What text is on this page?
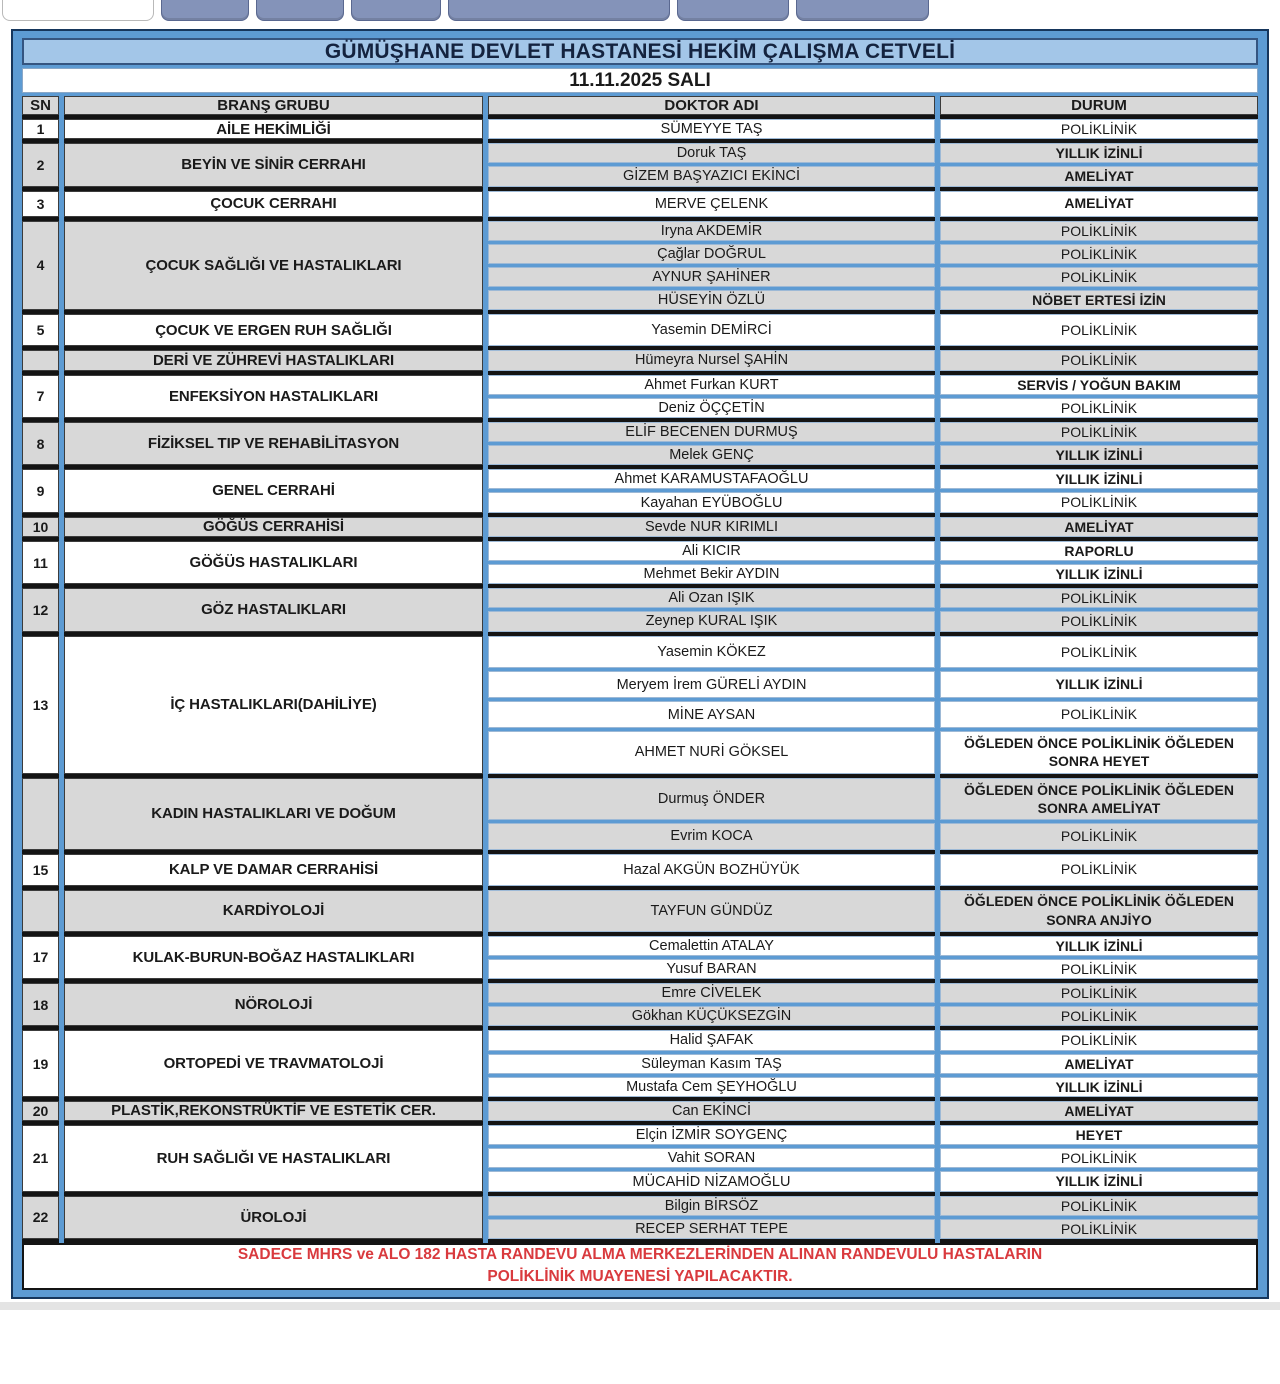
GÜMÜŞHANE DEVLET HASTANESİ HEKİM ÇALIŞMA CETVELİ			
11.11.2025 SALI			
SN	BRANŞ GRUBU	DOKTOR ADI	DURUM
1	AİLE HEKİMLİĞİ	SÜMEYYE TAŞ	POLİKLİNİK
2	BEYİN VE SİNİR CERRAHI	Doruk TAŞ	YILLIK İZİNLİ
		GİZEM BAŞYAZICI EKİNCİ	AMELİYAT
3	ÇOCUK CERRAHI	MERVE ÇELENK	AMELİYAT
4	ÇOCUK SAĞLIĞI VE HASTALIKLARI	Iryna AKDEMİR	POLİKLİNİK
		Çağlar DOĞRUL	POLİKLİNİK
		AYNUR ŞAHİNER	POLİKLİNİK
		HÜSEYİN ÖZLÜ	NÖBET ERTESİ İZİN
5	ÇOCUK VE ERGEN RUH SAĞLIĞI	Yasemin DEMİRCİ	POLİKLİNİK
	DERİ VE ZÜHREVİ HASTALIKLARI	Hümeyra Nursel ŞAHİN	POLİKLİNİK
7	ENFEKSİYON HASTALIKLARI	Ahmet Furkan KURT	SERVİS / YOĞUN BAKIM
		Deniz ÖÇÇETİN	POLİKLİNİK
8	FİZİKSEL TIP VE REHABİLİTASYON	ELİF BECENEN DURMUŞ	POLİKLİNİK
		Melek GENÇ	YILLIK İZİNLİ
9	GENEL CERRAHİ	Ahmet KARAMUSTAFAOĞLU	YILLIK İZİNLİ
		Kayahan EYÜBOĞLU	POLİKLİNİK
10	GÖĞÜS CERRAHİSİ	Sevde NUR KIRIMLI	AMELİYAT
11	GÖĞÜS HASTALIKLARI	Ali KICIR	RAPORLU
		Mehmet Bekir AYDIN	YILLIK İZİNLİ
12	GÖZ HASTALIKLARI	Ali Ozan IŞIK	POLİKLİNİK
		Zeynep KURAL IŞIK	POLİKLİNİK
13	İÇ HASTALIKLARI(DAHİLİYE)	Yasemin KÖKEZ	POLİKLİNİK
		Meryem İrem GÜRELİ AYDIN	YILLIK İZİNLİ
		MİNE AYSAN	POLİKLİNİK
		AHMET NURİ GÖKSEL	ÖĞLEDEN ÖNCE POLİKLİNİK ÖĞLEDEN SONRA HEYET
	KADIN HASTALIKLARI VE DOĞUM	Durmuş ÖNDER	ÖĞLEDEN ÖNCE POLİKLİNİK ÖĞLEDEN SONRA AMELİYAT
		Evrim KOCA	POLİKLİNİK
15	KALP VE DAMAR CERRAHİSİ	Hazal AKGÜN BOZHÜYÜK	POLİKLİNİK
	KARDİYOLOJİ	TAYFUN GÜNDÜZ	ÖĞLEDEN ÖNCE POLİKLİNİK ÖĞLEDEN SONRA ANJİYO
17	KULAK-BURUN-BOĞAZ HASTALIKLARI	Cemalettin ATALAY	YILLIK İZİNLİ
		Yusuf BARAN	POLİKLİNİK
18	NÖROLOJİ	Emre CİVELEK	POLİKLİNİK
		Gökhan KÜÇÜKSEZGİN	POLİKLİNİK
19	ORTOPEDİ VE TRAVMATOLOJİ	Halid ŞAFAK	POLİKLİNİK
		Süleyman Kasım TAŞ	AMELİYAT
		Mustafa Cem ŞEYHOĞLU	YILLIK İZİNLİ
20	PLASTİK,REKONSTRÜKTİF VE ESTETİK CER.	Can EKİNCİ	AMELİYAT
21	RUH SAĞLIĞI VE HASTALIKLARI	Elçin İZMİR SOYGENÇ	HEYET
		Vahit SORAN	POLİKLİNİK
		MÜCAHİD NİZAMOĞLU	YILLIK İZİNLİ
22	ÜROLOJİ	Bilgin BİRSÖZ	POLİKLİNİK
		RECEP SERHAT TEPE	POLİKLİNİK

SADECE MHRS ve ALO 182 HASTA RANDEVU ALMA MERKEZLERİNDEN ALINAN RANDEVULU HASTALARIN
POLİKLİNİK MUAYENESİ YAPILACAKTIR.			
